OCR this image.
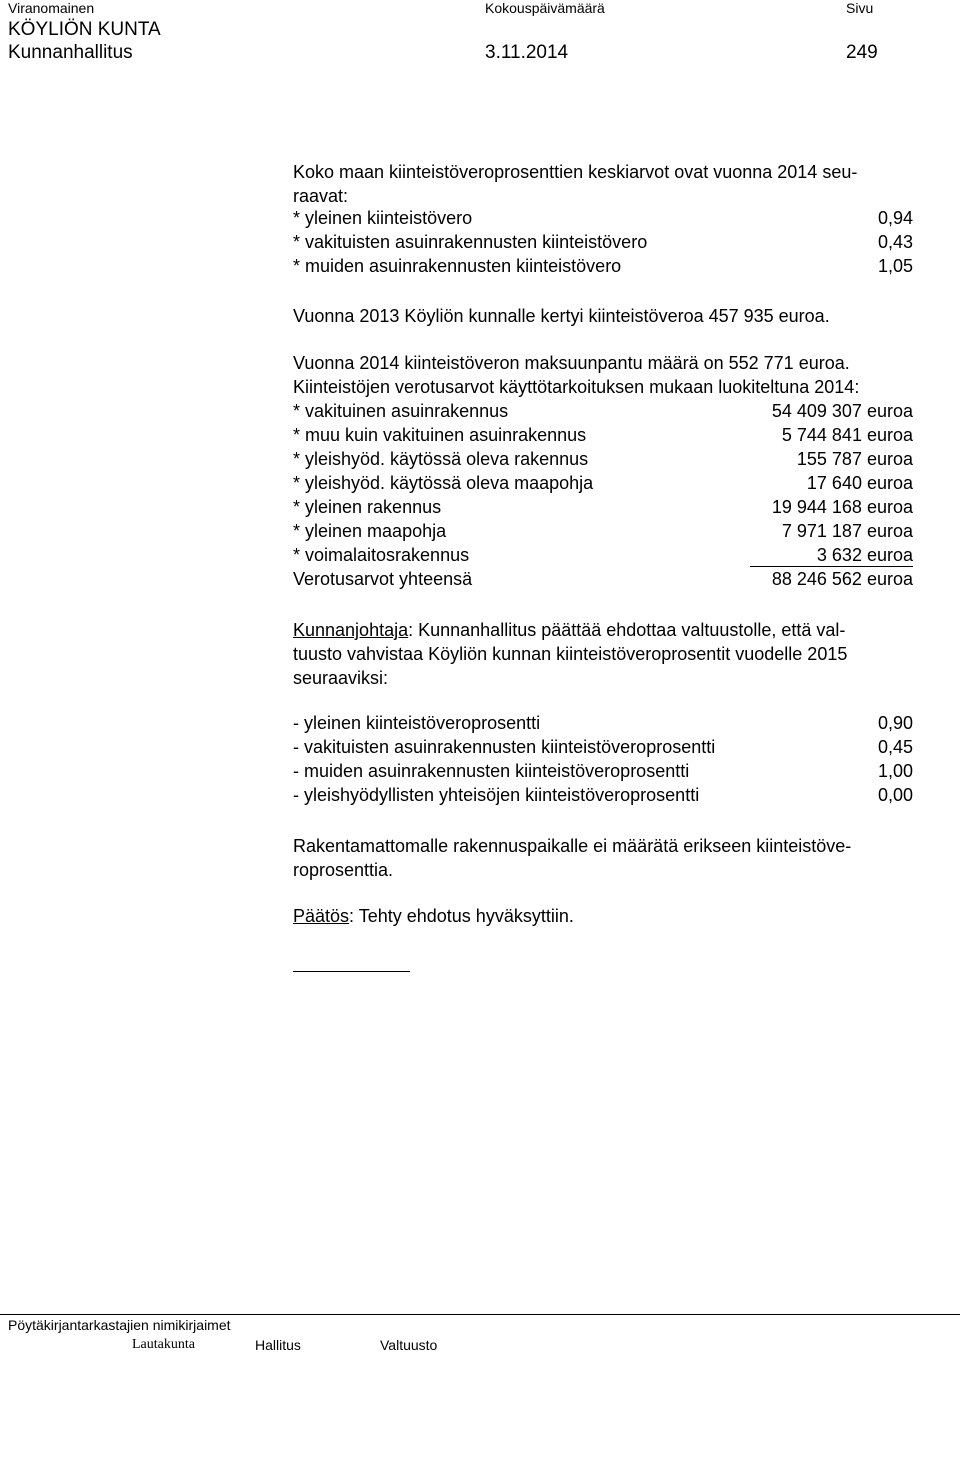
Viranomainen	Kokouspäivämäärä	Sivu
KÖYLIÖN KUNTA
Kunnanhallitus	3.11.2014	249

Koko maan kiinteistöveroprosenttien keskiarvot ovat vuonna 2014 seu-

raavat:

* yleinen kiinteistövero	0,94
* vakituisten asuinrakennusten kiinteistövero	0,43
* muiden asuinrakennusten kiinteistövero	1,05
Vuonna 2013 Köyliön kunnalle kertyi kiinteistöveroa 457 935 euroa.
Vuonna 2014 kiinteistöveron maksuunpantu määrä on 552 771 euroa.
Kiinteistöjen verotusarvot käyttötarkoituksen mukaan luokiteltuna 2014:
* vakituinen asuinrakennus	54 409 307 euroa
* muu kuin vakituinen asuinrakennus	5 744 841 euroa
* yleishyöd. käytössä oleva rakennus	155 787 euroa
* yleishyöd. käytössä oleva maapohja	17 640 euroa
* yleinen rakennus	19 944 168 euroa
* yleinen maapohja	7 971 187 euroa
* voimalaitosrakennus	3 632 euroa
Verotusarvot yhteensä	88 246 562 euroa

Kunnanjohtaja: Kunnanhallitus päättää ehdottaa valtuustolle, että val-

tuusto vahvistaa Köyliön kunnan kiinteistöveroprosentit vuodelle 2015

seuraaviksi:

- yleinen kiinteistöveroprosentti	0,90
- vakituisten asuinrakennusten kiinteistöveroprosentti	0,45
- muiden asuinrakennusten kiinteistöveroprosentti	1,00
- yleishyödyllisten yhteisöjen kiinteistöveroprosentti	0,00

Rakentamattomalle rakennuspaikalle ei määrätä erikseen kiinteistöve-

roprosenttia.

Päätös: Tehty ehdotus hyväksyttiin.
Pöytäkirjantarkastajien nimikirjaimet
Lautakunta	Hallitus	Valtuusto
